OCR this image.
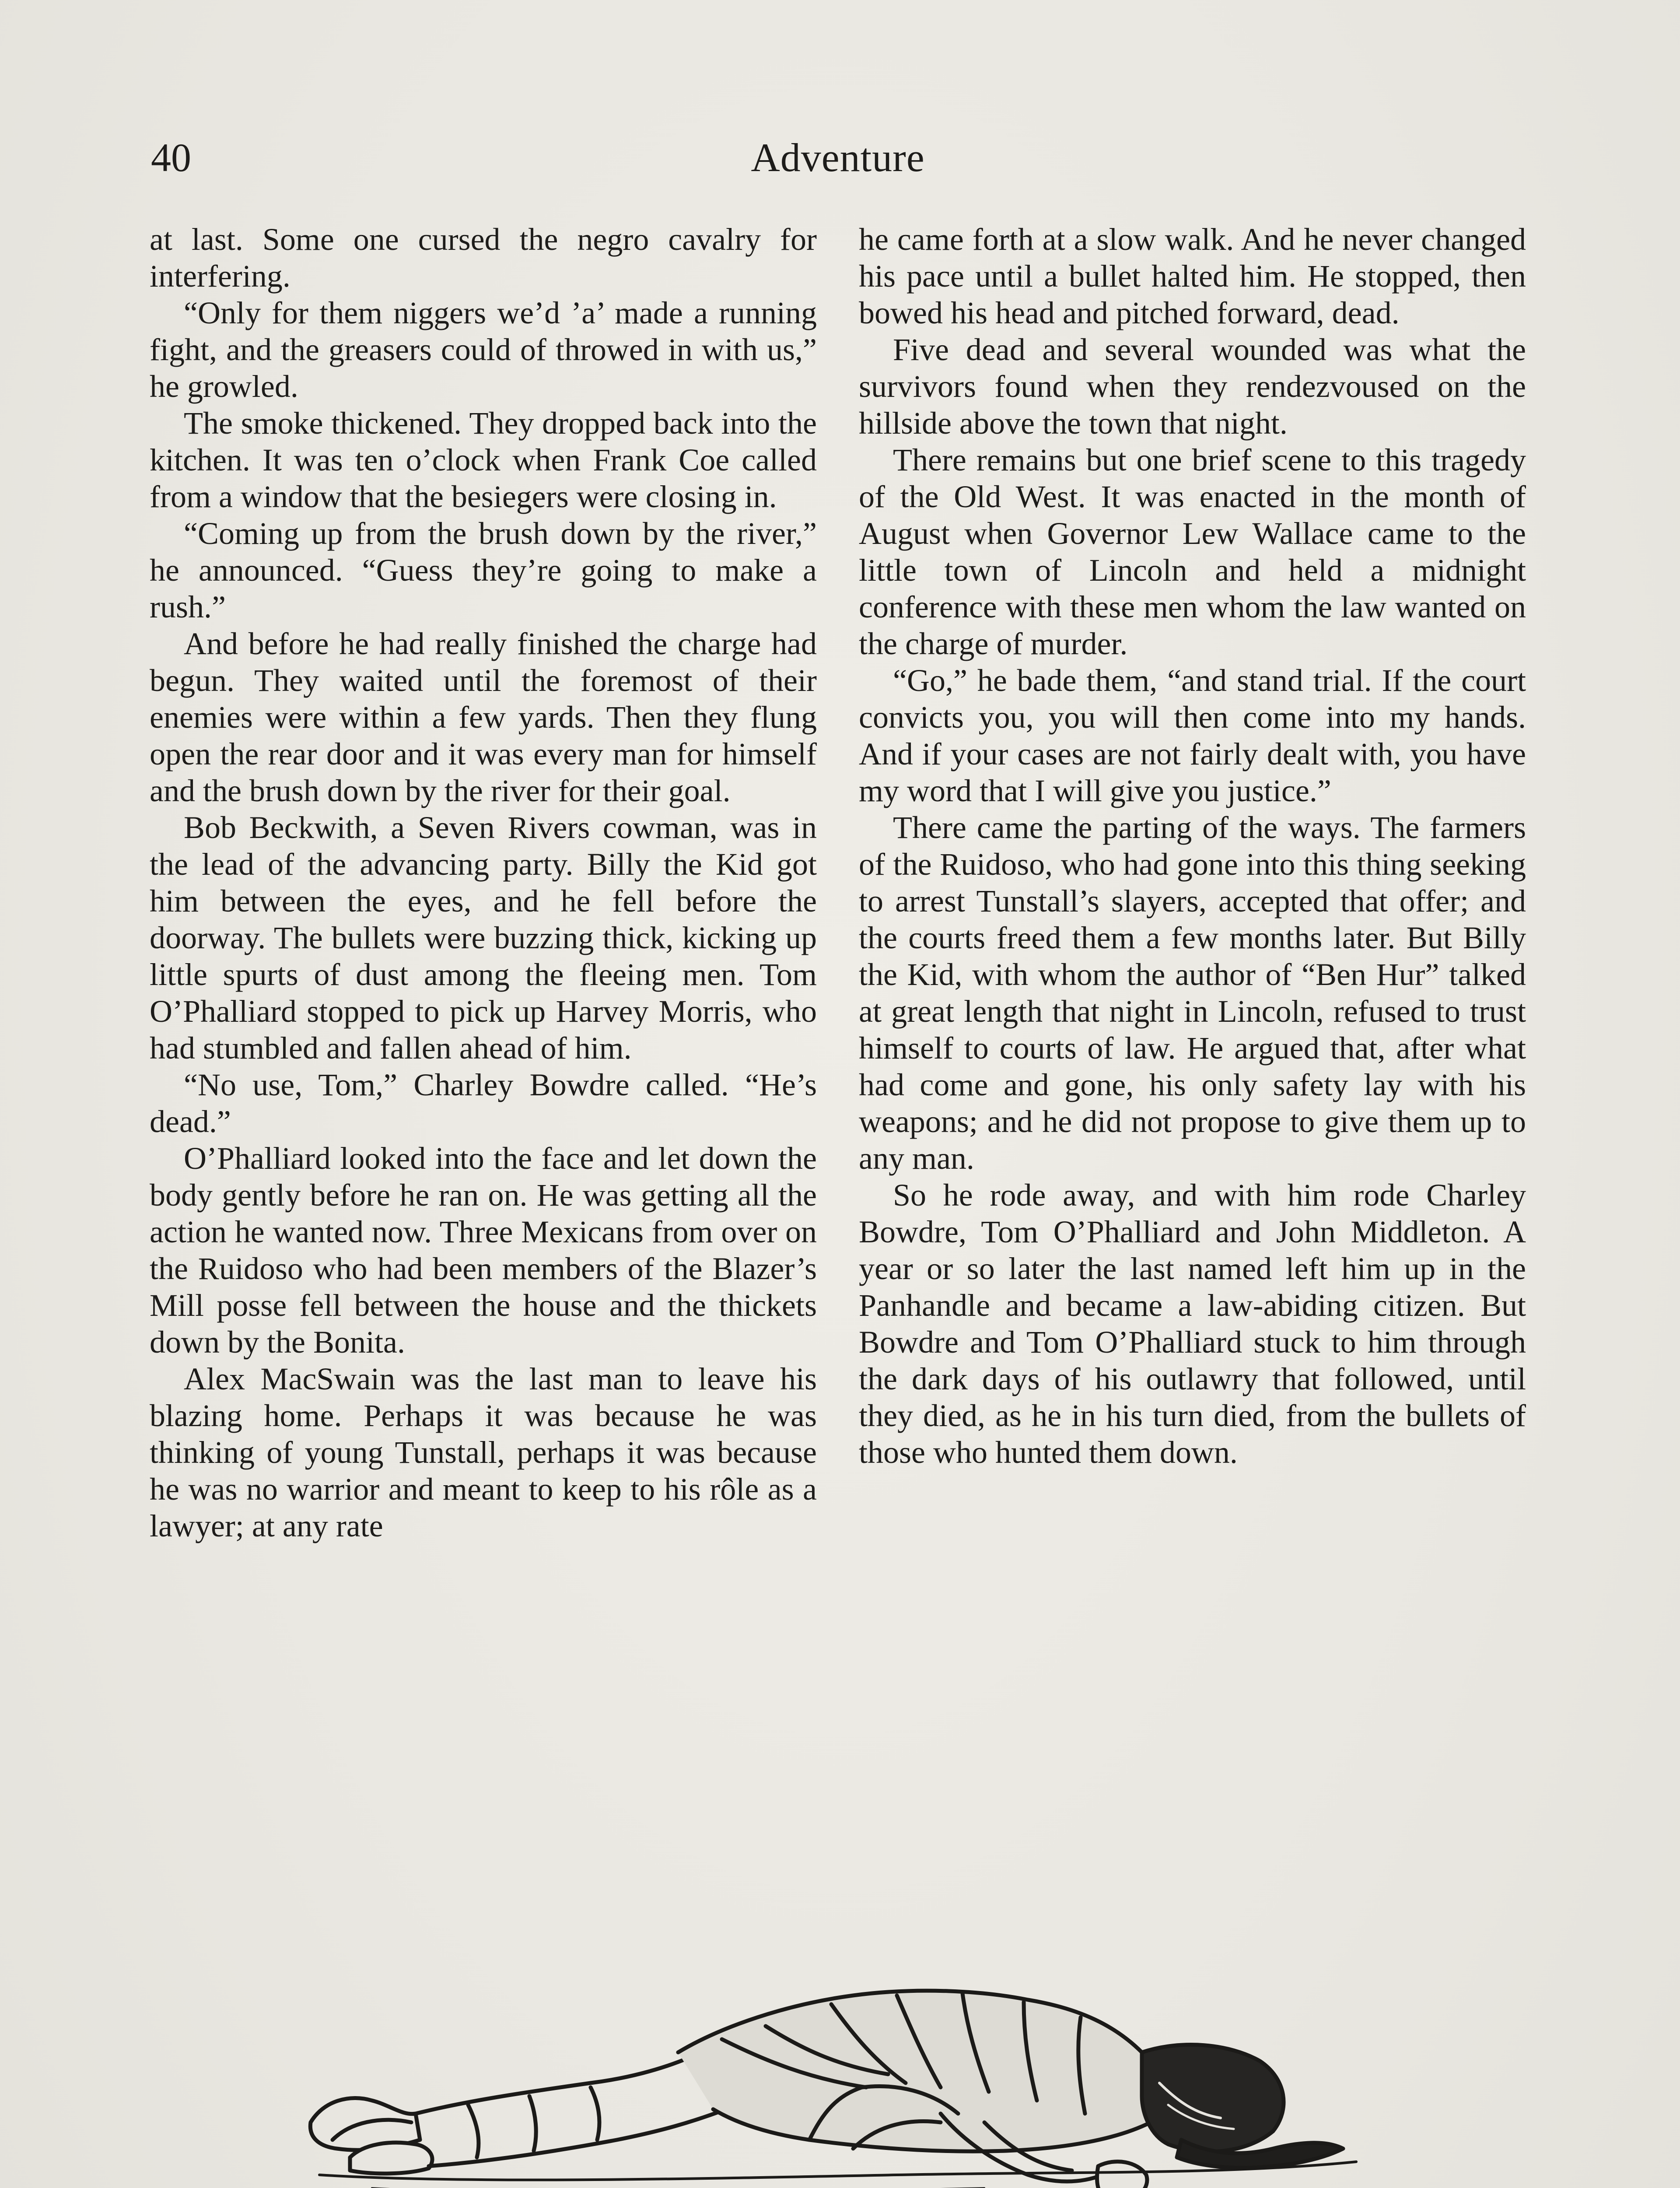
40	Adventure

at last. Some one cursed the negro cavalry for interfering.

“Only for them niggers we’d ’a’ made a running fight, and the greasers could of throwed in with us,” he growled.

The smoke thickened. They dropped back into the kitchen. It was ten o’clock when Frank Coe called from a window that the besiegers were closing in.

“Coming up from the brush down by the river,” he announced. “Guess they’re going to make a rush.”

And before he had really finished the charge had begun. They waited until the foremost of their enemies were within a few yards. Then they flung open the rear door and it was every man for himself and the brush down by the river for their goal.

Bob Beckwith, a Seven Rivers cowman, was in the lead of the advancing party. Billy the Kid got him between the eyes, and he fell before the doorway. The bullets were buzzing thick, kicking up little spurts of dust among the fleeing men. Tom O’Phalliard stopped to pick up Harvey Morris, who had stumbled and fallen ahead of him.

“No use, Tom,” Charley Bowdre called. “He’s dead.”

O’Phalliard looked into the face and let down the body gently before he ran on. He was getting all the action he wanted now. Three Mexicans from over on the Ruidoso who had been members of the Blazer’s Mill posse fell between the house and the thickets down by the Bonita.

Alex MacSwain was the last man to leave his blazing home. Perhaps it was because he was thinking of young Tunstall, perhaps it was because he was no warrior and meant to keep to his rôle as a lawyer; at any rate

he came forth at a slow walk. And he never changed his pace until a bullet halted him. He stopped, then bowed his head and pitched forward, dead.

Five dead and several wounded was what the survivors found when they rendezvoused on the hillside above the town that night.

There remains but one brief scene to this tragedy of the Old West. It was enacted in the month of August when Governor Lew Wallace came to the little town of Lincoln and held a midnight conference with these men whom the law wanted on the charge of murder.

“Go,” he bade them, “and stand trial. If the court convicts you, you will then come into my hands. And if your cases are not fairly dealt with, you have my word that I will give you justice.”

There came the parting of the ways. The farmers of the Ruidoso, who had gone into this thing seeking to arrest Tunstall’s slayers, accepted that offer; and the courts freed them a few months later. But Billy the Kid, with whom the author of “Ben Hur” talked at great length that night in Lincoln, refused to trust himself to courts of law. He argued that, after what had come and gone, his only safety lay with his weapons; and he did not propose to give them up to any man.

So he rode away, and with him rode Charley Bowdre, Tom O’Phalliard and John Middleton. A year or so later the last named left him up in the Panhandle and became a law-abiding citizen. But Bowdre and Tom O’Phalliard stuck to him through the dark days of his outlawry that followed, until they died, as he in his turn died, from the bullets of those who hunted them down.
